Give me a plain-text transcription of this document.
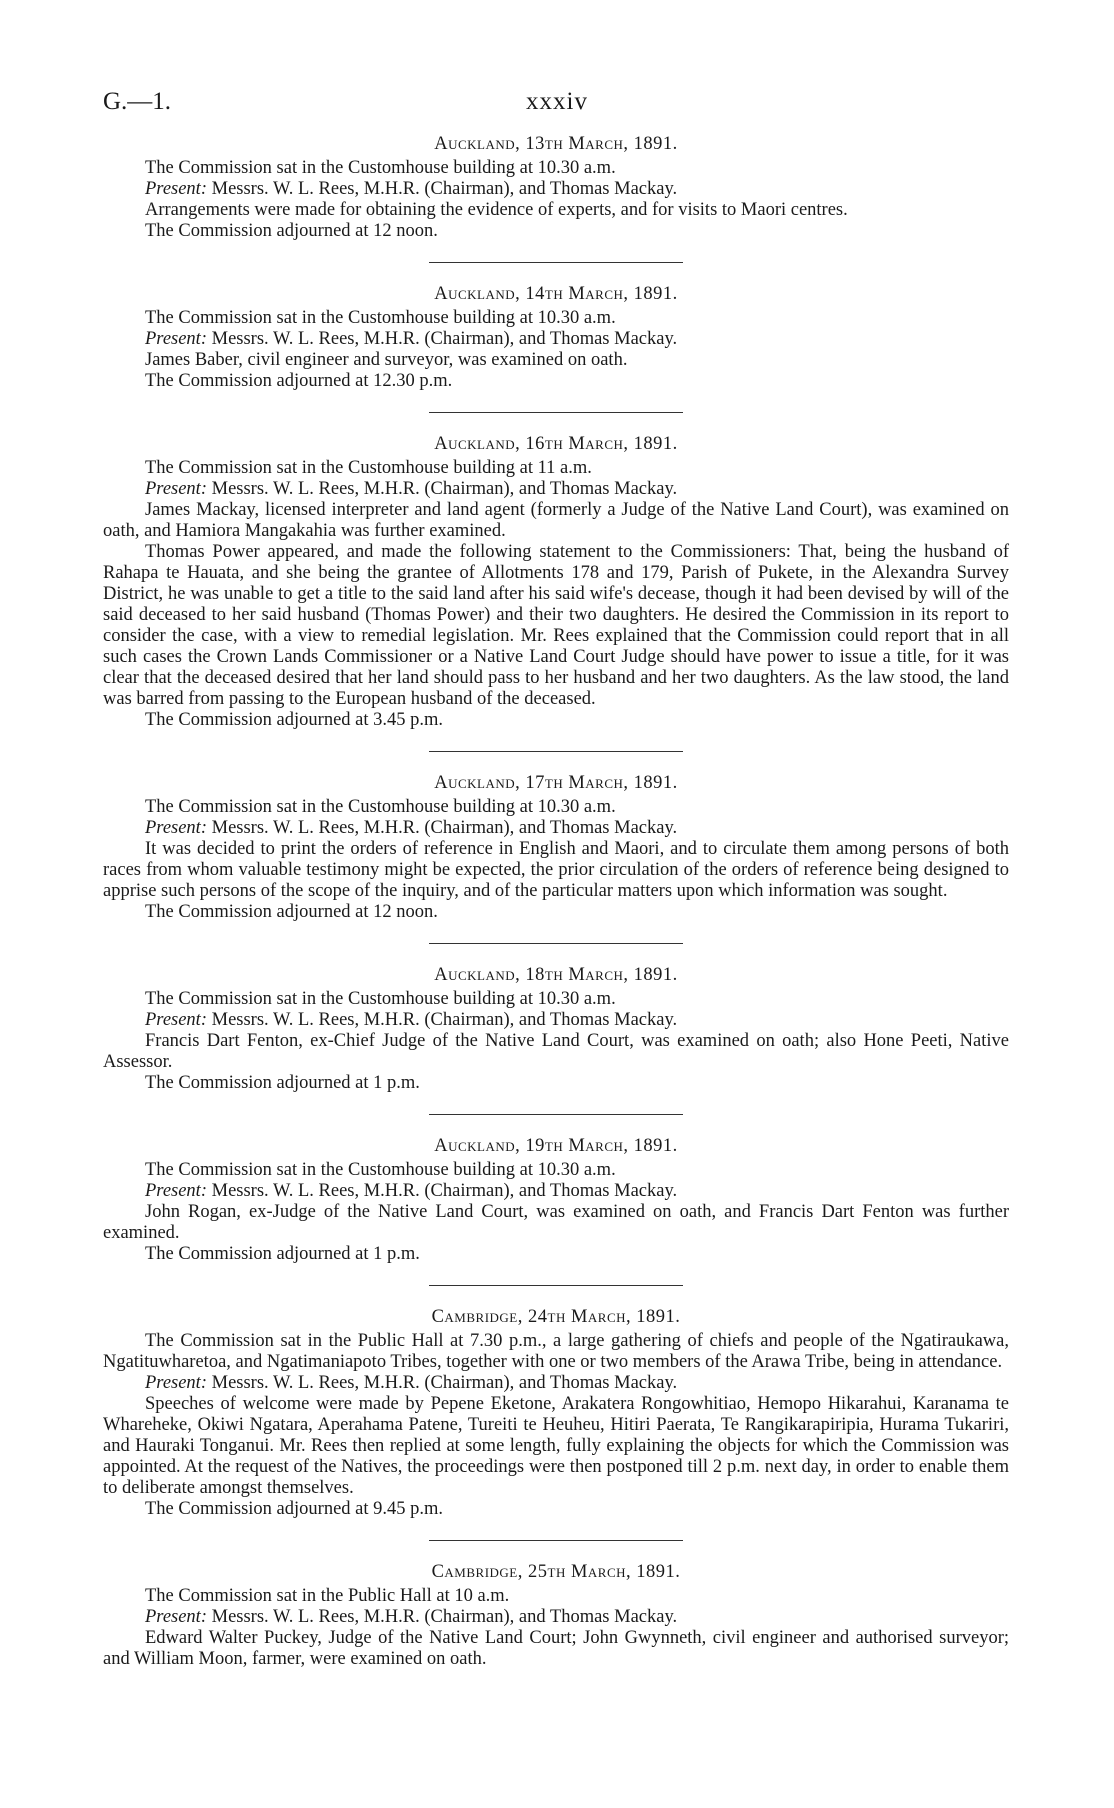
G.—1.	xxxiv
Auckland, 13th March, 1891.

The Commission sat in the Customhouse building at 10.30 a.m.

Present: Messrs. W. L. Rees, M.H.R. (Chairman), and Thomas Mackay.

Arrangements were made for obtaining the evidence of experts, and for visits to Maori centres.

The Commission adjourned at 12 noon.

Auckland, 14th March, 1891.

The Commission sat in the Customhouse building at 10.30 a.m.

Present: Messrs. W. L. Rees, M.H.R. (Chairman), and Thomas Mackay.

James Baber, civil engineer and surveyor, was examined on oath.

The Commission adjourned at 12.30 p.m.

Auckland, 16th March, 1891.

The Commission sat in the Customhouse building at 11 a.m.

Present: Messrs. W. L. Rees, M.H.R. (Chairman), and Thomas Mackay.

James Mackay, licensed interpreter and land agent (formerly a Judge of the Native Land Court), was examined on oath, and Hamiora Mangakahia was further examined.

Thomas Power appeared, and made the following statement to the Commissioners: That, being the husband of Rahapa te Hauata, and she being the grantee of Allotments 178 and 179, Parish of Pukete, in the Alexandra Survey District, he was unable to get a title to the said land after his said wife's decease, though it had been devised by will of the said deceased to her said husband (Thomas Power) and their two daughters. He desired the Commission in its report to consider the case, with a view to remedial legislation. Mr. Rees explained that the Commission could report that in all such cases the Crown Lands Commissioner or a Native Land Court Judge should have power to issue a title, for it was clear that the deceased desired that her land should pass to her husband and her two daughters. As the law stood, the land was barred from passing to the European husband of the deceased.

The Commission adjourned at 3.45 p.m.

Auckland, 17th March, 1891.

The Commission sat in the Customhouse building at 10.30 a.m.

Present: Messrs. W. L. Rees, M.H.R. (Chairman), and Thomas Mackay.

It was decided to print the orders of reference in English and Maori, and to circulate them among persons of both races from whom valuable testimony might be expected, the prior circulation of the orders of reference being designed to apprise such persons of the scope of the inquiry, and of the particular matters upon which information was sought.

The Commission adjourned at 12 noon.

Auckland, 18th March, 1891.

The Commission sat in the Customhouse building at 10.30 a.m.

Present: Messrs. W. L. Rees, M.H.R. (Chairman), and Thomas Mackay.

Francis Dart Fenton, ex-Chief Judge of the Native Land Court, was examined on oath; also Hone Peeti, Native Assessor.

The Commission adjourned at 1 p.m.

Auckland, 19th March, 1891.

The Commission sat in the Customhouse building at 10.30 a.m.

Present: Messrs. W. L. Rees, M.H.R. (Chairman), and Thomas Mackay.

John Rogan, ex-Judge of the Native Land Court, was examined on oath, and Francis Dart Fenton was further examined.

The Commission adjourned at 1 p.m.

Cambridge, 24th March, 1891.

The Commission sat in the Public Hall at 7.30 p.m., a large gathering of chiefs and people of the Ngatiraukawa, Ngatituwharetoa, and Ngatimaniapoto Tribes, together with one or two members of the Arawa Tribe, being in attendance.

Present: Messrs. W. L. Rees, M.H.R. (Chairman), and Thomas Mackay.

Speeches of welcome were made by Pepene Eketone, Arakatera Rongowhitiao, Hemopo Hikarahui, Karanama te Whareheke, Okiwi Ngatara, Aperahama Patene, Tureiti te Heuheu, Hitiri Paerata, Te Rangikarapiripia, Hurama Tukariri, and Hauraki Tonganui. Mr. Rees then replied at some length, fully explaining the objects for which the Commission was appointed. At the request of the Natives, the proceedings were then postponed till 2 p.m. next day, in order to enable them to deliberate amongst themselves.

The Commission adjourned at 9.45 p.m.

Cambridge, 25th March, 1891.

The Commission sat in the Public Hall at 10 a.m.

Present: Messrs. W. L. Rees, M.H.R. (Chairman), and Thomas Mackay.

Edward Walter Puckey, Judge of the Native Land Court; John Gwynneth, civil engineer and authorised surveyor; and William Moon, farmer, were examined on oath.
